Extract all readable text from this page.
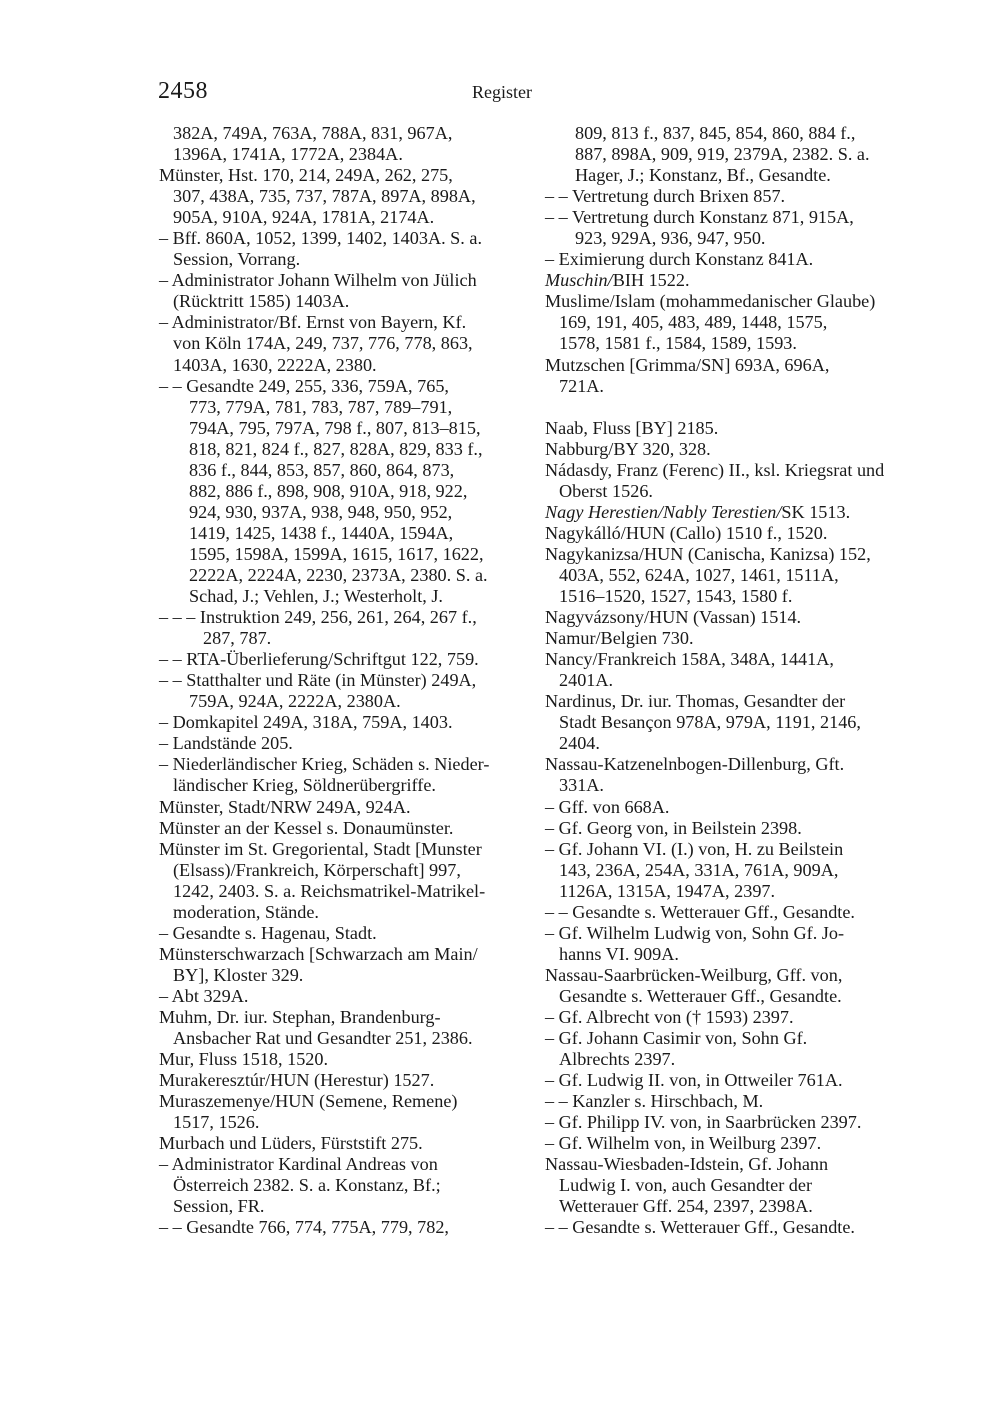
2458	Register
382A, 749A, 763A, 788A, 831, 967A,
1396A, 1741A, 1772A, 2384A.
Münster, Hst. 170, 214, 249A, 262, 275,
307, 438A, 735, 737, 787A, 897A, 898A,
905A, 910A, 924A, 1781A, 2174A.
– Bff. 860A, 1052, 1399, 1402, 1403A. S. a.
Session, Vorrang.
– Administrator Johann Wilhelm von Jülich
(Rücktritt 1585) 1403A.
– Administrator/Bf. Ernst von Bayern, Kf.
von Köln 174A, 249, 737, 776, 778, 863,
1403A, 1630, 2222A, 2380.
– – Gesandte 249, 255, 336, 759A, 765,
773, 779A, 781, 783, 787, 789–791,
794A, 795, 797A, 798 f., 807, 813–815,
818, 821, 824 f., 827, 828A, 829, 833 f.,
836 f., 844, 853, 857, 860, 864, 873,
882, 886 f., 898, 908, 910A, 918, 922,
924, 930, 937A, 938, 948, 950, 952,
1419, 1425, 1438 f., 1440A, 1594A,
1595, 1598A, 1599A, 1615, 1617, 1622,
2222A, 2224A, 2230, 2373A, 2380. S. a.
Schad, J.; Vehlen, J.; Westerholt, J.
– – – Instruktion 249, 256, 261, 264, 267 f.,
287, 787.
– – RTA-Überlieferung/Schriftgut 122, 759.
– – Statthalter und Räte (in Münster) 249A,
759A, 924A, 2222A, 2380A.
– Domkapitel 249A, 318A, 759A, 1403.
– Landstände 205.
– Niederländischer Krieg, Schäden s. Nieder-
ländischer Krieg, Söldnerübergriffe.
Münster, Stadt/NRW 249A, 924A.
Münster an der Kessel s. Donaumünster.
Münster im St. Gregoriental, Stadt [Munster
(Elsass)/Frankreich, Körperschaft] 997,
1242, 2403. S. a. Reichsmatrikel-Matrikel-
moderation, Stände.
– Gesandte s. Hagenau, Stadt.
Münsterschwarzach [Schwarzach am Main/
BY], Kloster 329.
– Abt 329A.
Muhm, Dr. iur. Stephan, Brandenburg-
Ansbacher Rat und Gesandter 251, 2386.
Mur, Fluss 1518, 1520.
Murakeresztúr/HUN (Herestur) 1527.
Muraszemenye/HUN (Semene, Remene)
1517, 1526.
Murbach und Lüders, Fürststift 275.
– Administrator Kardinal Andreas von
Österreich 2382. S. a. Konstanz, Bf.;
Session, FR.
– – Gesandte 766, 774, 775A, 779, 782,
809, 813 f., 837, 845, 854, 860, 884 f.,
887, 898A, 909, 919, 2379A, 2382. S. a.
Hager, J.; Konstanz, Bf., Gesandte.
– – Vertretung durch Brixen 857.
– – Vertretung durch Konstanz 871, 915A,
923, 929A, 936, 947, 950.
– Eximierung durch Konstanz 841A.
Muschin/BIH 1522.
Muslime/Islam (mohammedanischer Glaube)
169, 191, 405, 483, 489, 1448, 1575,
1578, 1581 f., 1584, 1589, 1593.
Mutzschen [Grimma/SN] 693A, 696A,
721A.
Naab, Fluss [BY] 2185.
Nabburg/BY 320, 328.
Nádasdy, Franz (Ferenc) II., ksl. Kriegsrat und
Oberst 1526.
Nagy Herestien/Nably Terestien/SK 1513.
Nagykálló/HUN (Callo) 1510 f., 1520.
Nagykanizsa/HUN (Canischa, Kanizsa) 152,
403A, 552, 624A, 1027, 1461, 1511A,
1516–1520, 1527, 1543, 1580 f.
Nagyvázsony/HUN (Vassan) 1514.
Namur/Belgien 730.
Nancy/Frankreich 158A, 348A, 1441A,
2401A.
Nardinus, Dr. iur. Thomas, Gesandter der
Stadt Besançon 978A, 979A, 1191, 2146,
2404.
Nassau-Katzenelnbogen-Dillenburg, Gft.
331A.
– Gff. von 668A.
– Gf. Georg von, in Beilstein 2398.
– Gf. Johann VI. (I.) von, H. zu Beilstein
143, 236A, 254A, 331A, 761A, 909A,
1126A, 1315A, 1947A, 2397.
– – Gesandte s. Wetterauer Gff., Gesandte.
– Gf. Wilhelm Ludwig von, Sohn Gf. Jo-
hanns VI. 909A.
Nassau-Saarbrücken-Weilburg, Gff. von,
Gesandte s. Wetterauer Gff., Gesandte.
– Gf. Albrecht von († 1593) 2397.
– Gf. Johann Casimir von, Sohn Gf.
Albrechts 2397.
– Gf. Ludwig II. von, in Ottweiler 761A.
– – Kanzler s. Hirschbach, M.
– Gf. Philipp IV. von, in Saarbrücken 2397.
– Gf. Wilhelm von, in Weilburg 2397.
Nassau-Wiesbaden-Idstein, Gf. Johann
Ludwig I. von, auch Gesandter der
Wetterauer Gff. 254, 2397, 2398A.
– – Gesandte s. Wetterauer Gff., Gesandte.
